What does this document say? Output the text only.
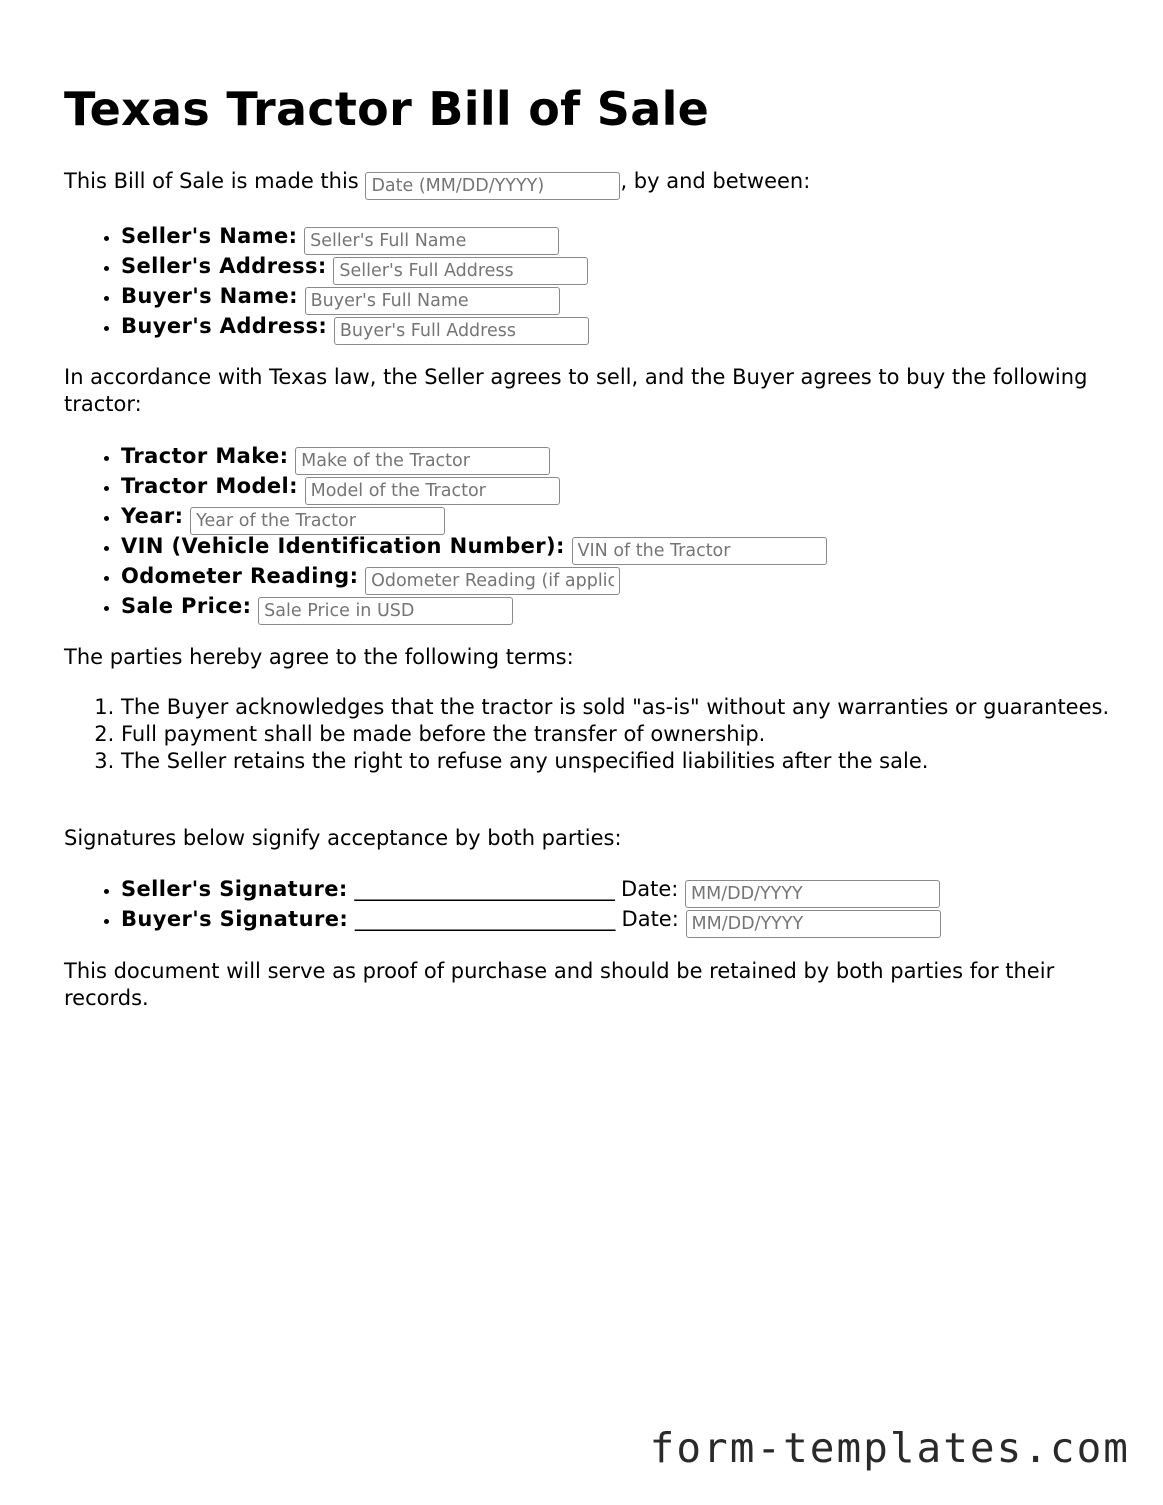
Texas Tractor Bill of Sale

This Bill of Sale is made this Date (MM/DD/YYYY)	, by and between:

• Seller's Name: Seller's Full Name
• Seller's Address: Seller's Full Address
• Buyer's Name: Buyer's Full Name
• Buyer's Address: Buyer's Full Address

In accordance with Texas law, the Seller agrees to sell, and the Buyer agrees to buy the following tractor:

• Tractor Make: Make of the Tractor
• Tractor Model: Model of the Tractor
• Year: Year of the Tractor
• VIN (Vehicle Identification Number): VIN of the Tractor
• Odometer Reading: Odometer Reading (if applicable)
• Sale Price: Sale Price in USD

The parties hereby agree to the following terms:

1. The Buyer acknowledges that the tractor is sold "as-is" without any warranties or guarantees.
2. Full payment shall be made before the transfer of ownership.
3. The Seller retains the right to refuse any unspecified liabilities after the sale.

Signatures below signify acceptance by both parties:

• Seller's Signature: __________________________ Date: MM/DD/YYYY
• Buyer's Signature: __________________________ Date: MM/DD/YYYY

This document will serve as proof of purchase and should be retained by both parties for their records.

form-templates.com
